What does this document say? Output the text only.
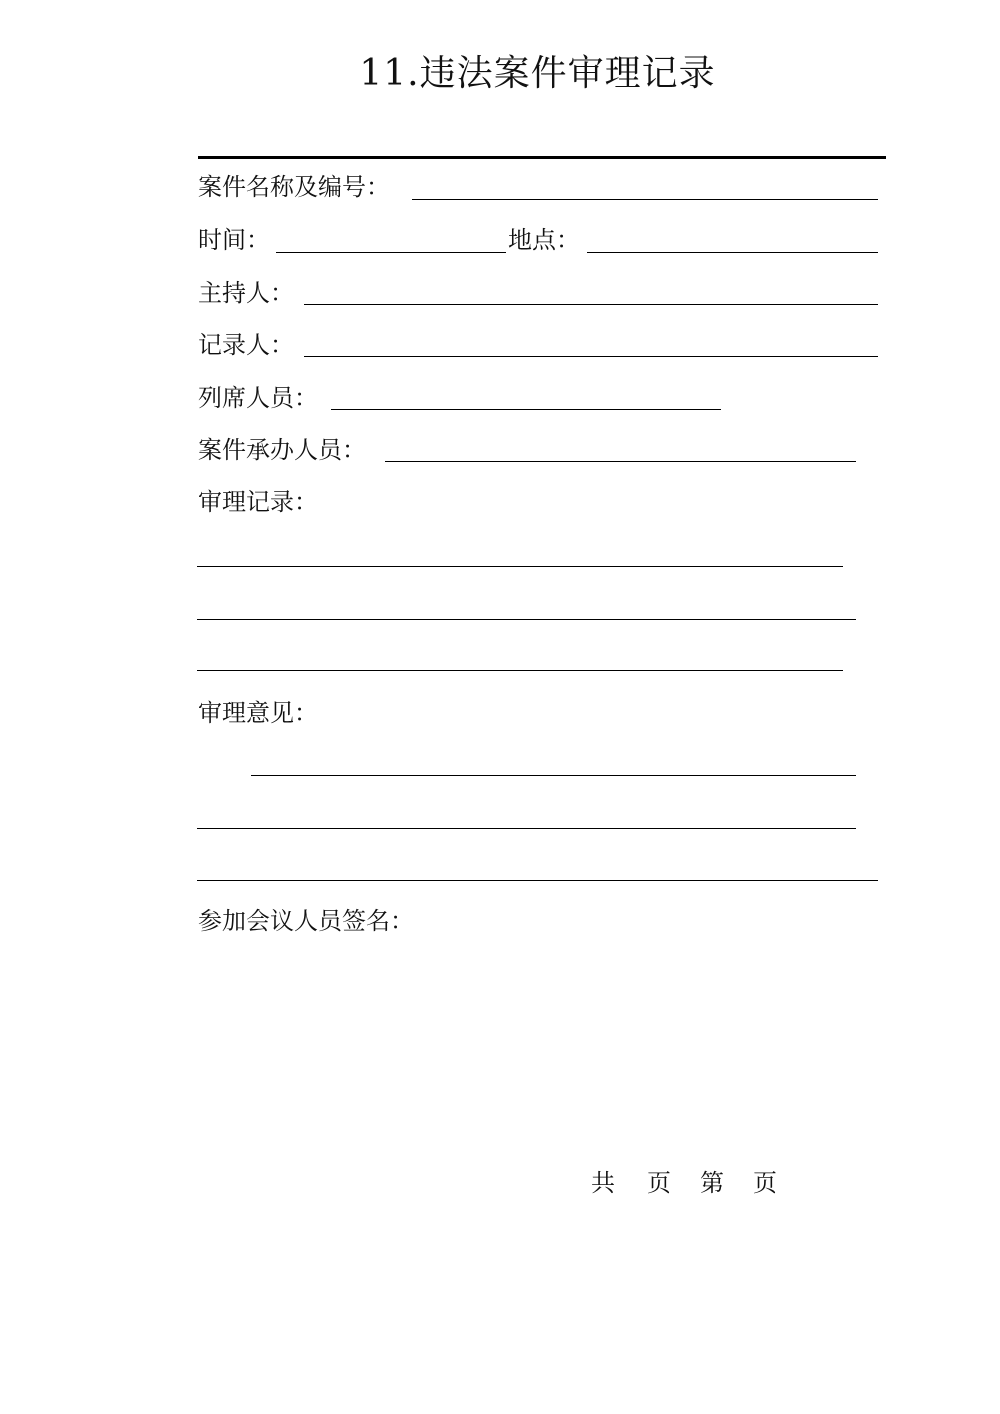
11.违法案件审理记录
案件名称及编号：
时间：	地点：
主持人：
记录人：
列席人员：
案件承办人员：
审理记录：
审理意见：
参加会议人员签名：
共 页 第 页
